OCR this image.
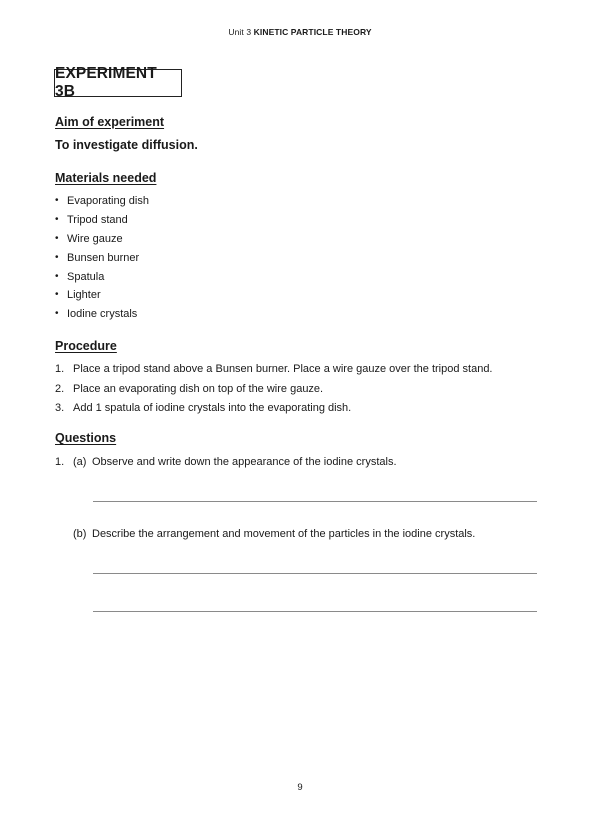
Unit 3 KINETIC PARTICLE THEORY
EXPERIMENT 3B
Aim of experiment
To investigate diffusion.
Materials needed
• Evaporating dish
• Tripod stand
• Wire gauze
• Bunsen burner
• Spatula
• Lighter
• Iodine crystals
Procedure
1. Place a tripod stand above a Bunsen burner. Place a wire gauze over the tripod stand.
2. Place an evaporating dish on top of the wire gauze.
3. Add 1 spatula of iodine crystals into the evaporating dish.
Questions
1. (a) Observe and write down the appearance of the iodine crystals.
(b) Describe the arrangement and movement of the particles in the iodine crystals.
9
